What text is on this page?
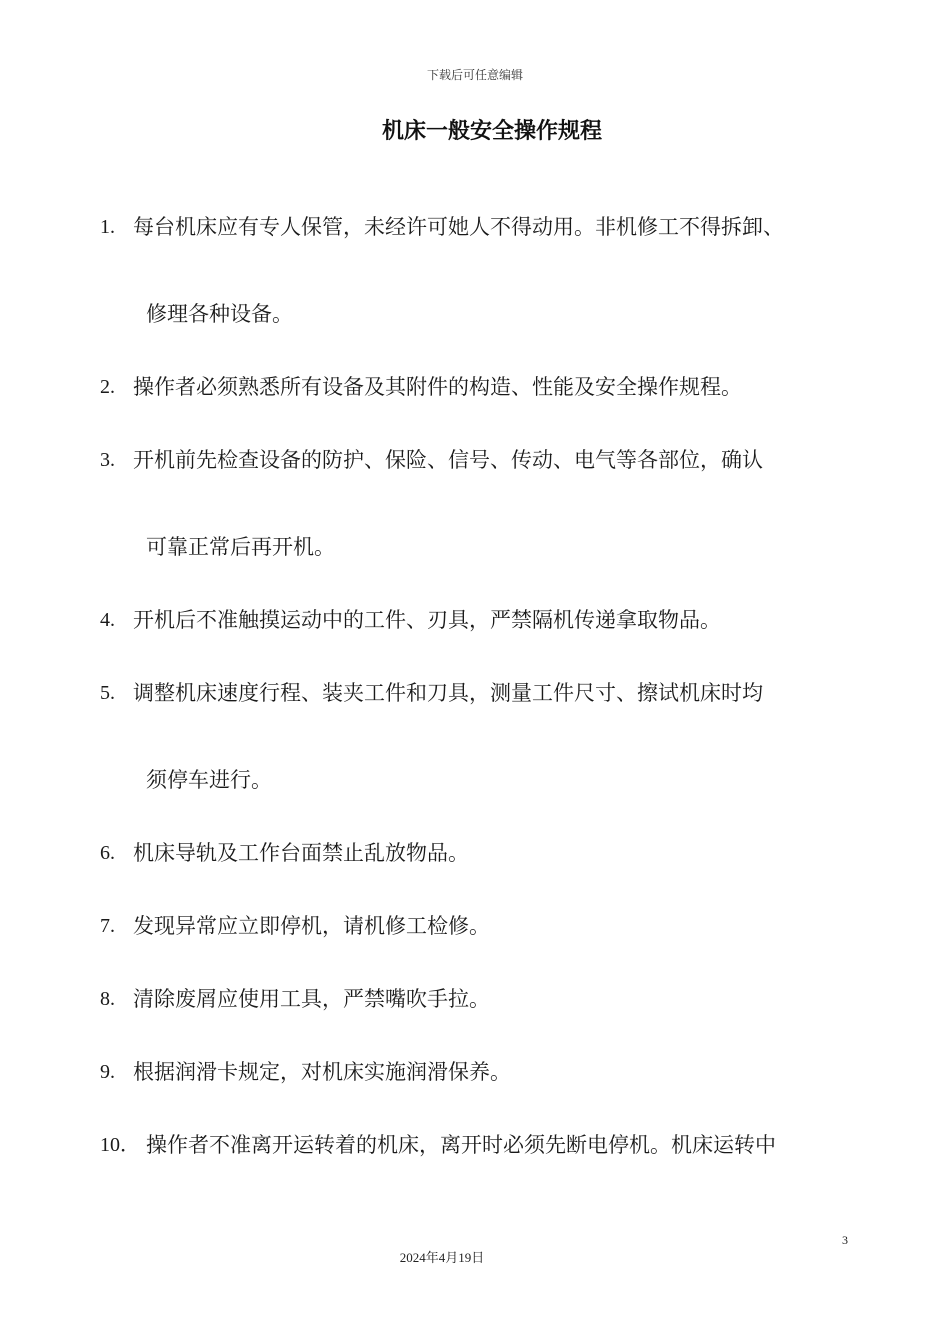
下载后可任意编辑
机床一般安全操作规程
1. 每台机床应有专人保管，未经许可她人不得动用。非机修工不得拆卸、
修理各种设备。
2. 操作者必须熟悉所有设备及其附件的构造、性能及安全操作规程。
3. 开机前先检查设备的防护、保险、信号、传动、电气等各部位，确认
可靠正常后再开机。
4. 开机后不准触摸运动中的工件、刃具，严禁隔机传递拿取物品。
5. 调整机床速度行程、装夹工件和刀具，测量工件尺寸、擦试机床时均
须停车进行。
6. 机床导轨及工作台面禁止乱放物品。
7. 发现异常应立即停机，请机修工检修。
8. 清除废屑应使用工具，严禁嘴吹手拉。
9. 根据润滑卡规定，对机床实施润滑保养。
10． 操作者不准离开运转着的机床，离开时必须先断电停机。机床运转中
3
2024年4月19日
